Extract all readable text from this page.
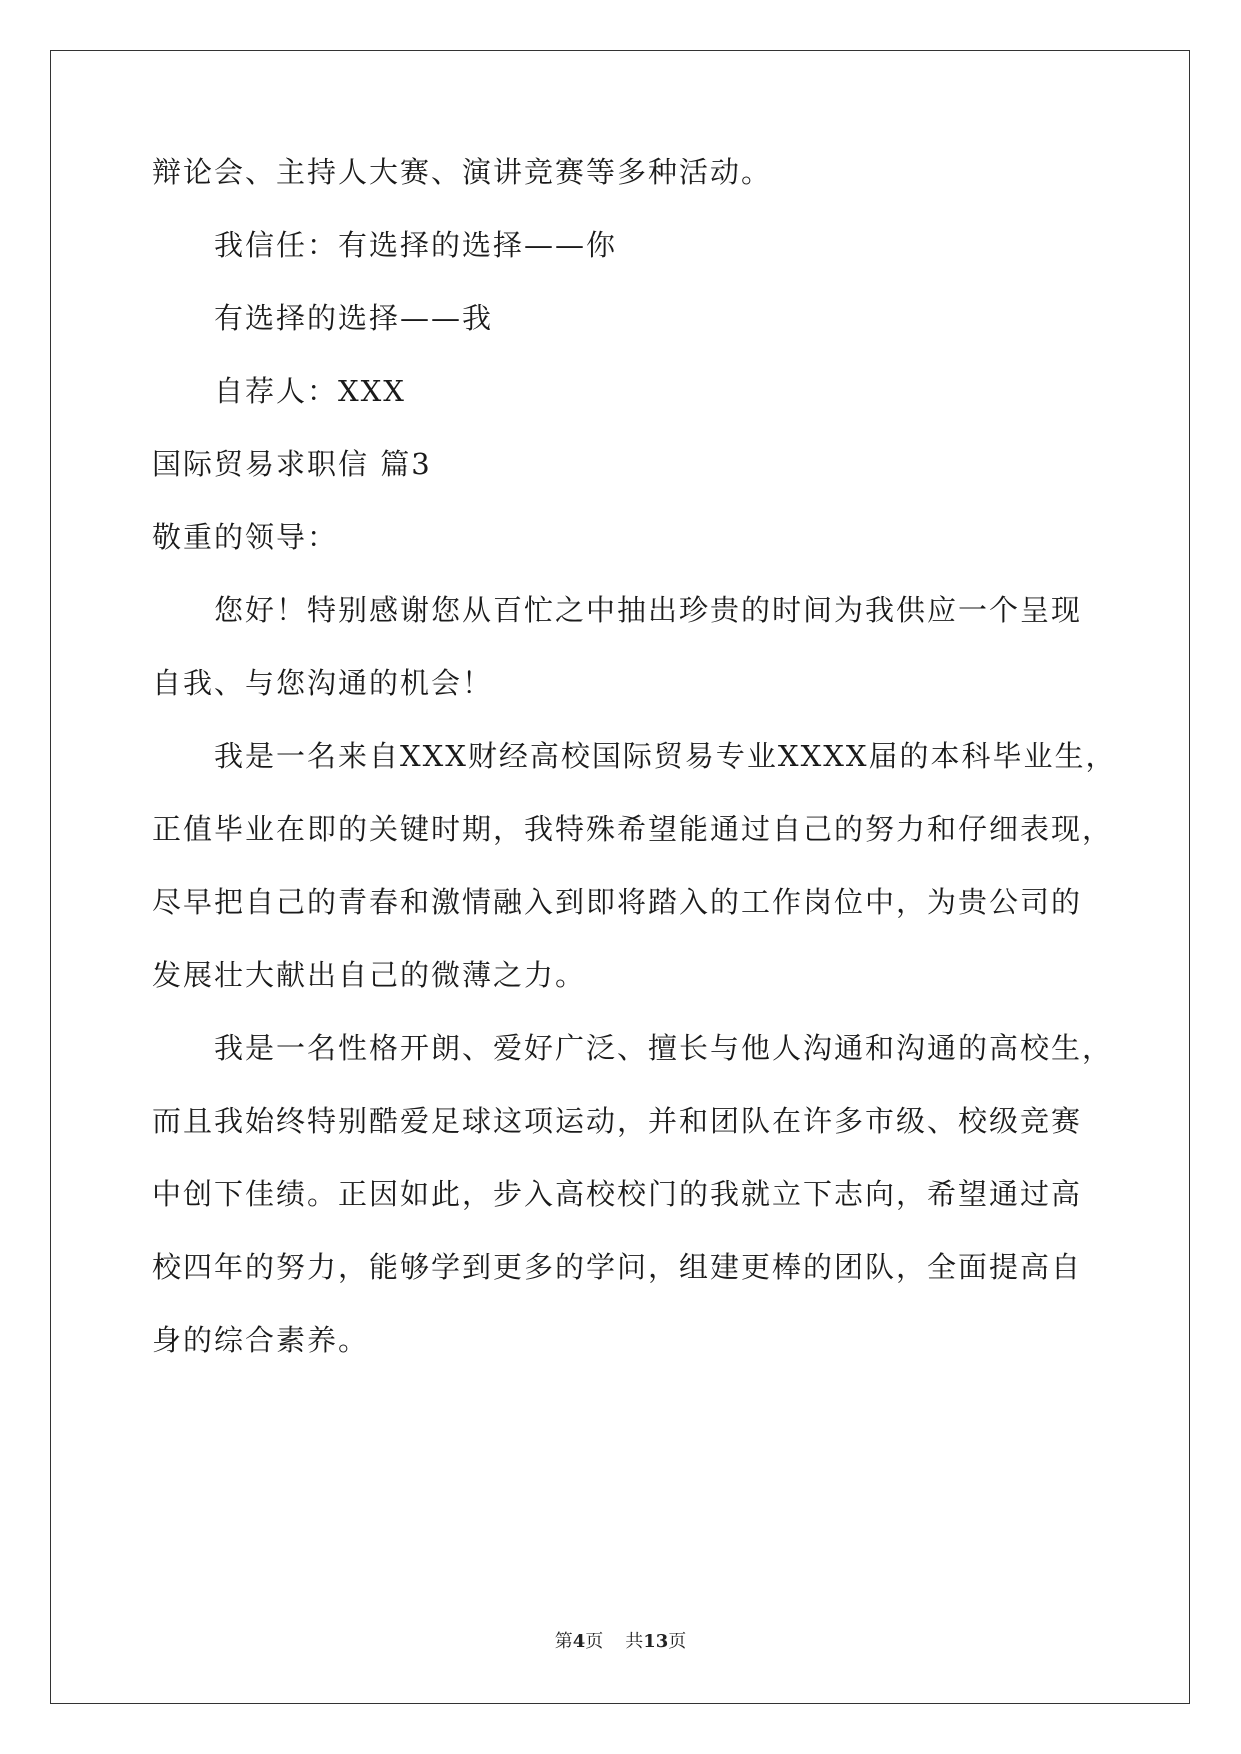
辩论会、主持人大赛、演讲竞赛等多种活动。
我信任：有选择的选择——你
有选择的选择——我
自荐人：XXX
国际贸易求职信 篇3
敬重的领导：
您好！特别感谢您从百忙之中抽出珍贵的时间为我供应一个呈现
自我、与您沟通的机会！
我是一名来自XXX财经高校国际贸易专业XXXX届的本科毕业生，
正值毕业在即的关键时期，我特殊希望能通过自己的努力和仔细表现，
尽早把自己的青春和激情融入到即将踏入的工作岗位中，为贵公司的
发展壮大献出自己的微薄之力。
我是一名性格开朗、爱好广泛、擅长与他人沟通和沟通的高校生，
而且我始终特别酷爱足球这项运动，并和团队在许多市级、校级竞赛
中创下佳绩。正因如此，步入高校校门的我就立下志向，希望通过高
校四年的努力，能够学到更多的学问，组建更棒的团队，全面提高自
身的综合素养。
第4页 共13页
